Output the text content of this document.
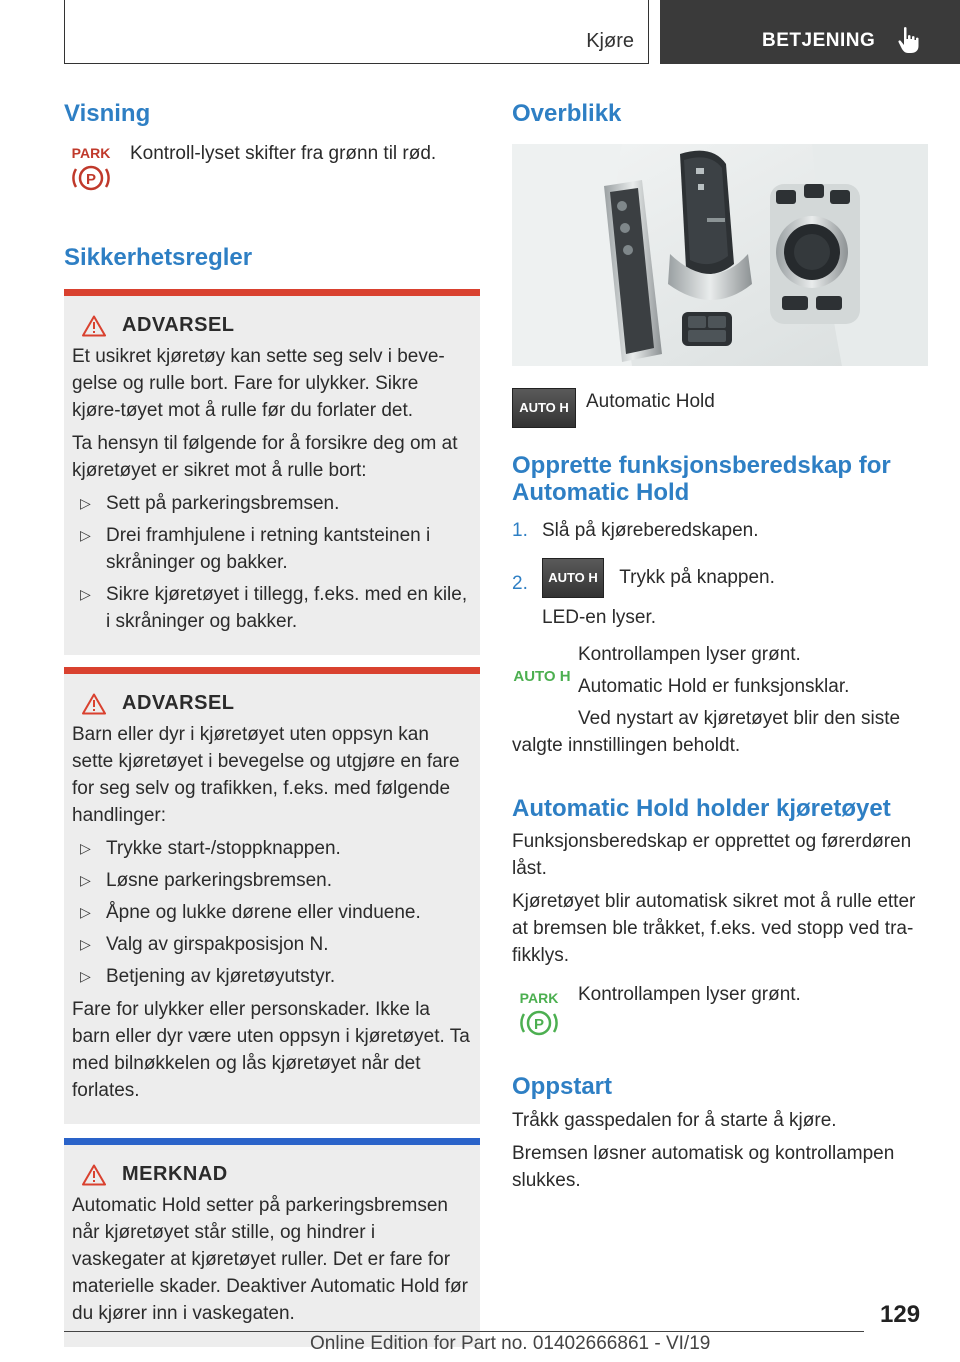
Kjøre	BETJENING
Visning
PARK
P

Kontroll-lyset skifter fra grønn til rød.

Sikkerhetsregler
ADVARSEL

Et usikret kjøretøy kan sette seg selv i beve-gelse og rulle bort. Fare for ulykker. Sikre kjøre-tøyet mot å rulle før du forlater det.

Ta hensyn til følgende for å forsikre deg om at kjøretøyet er sikret mot å rulle bort:

▷ Sett på parkeringsbremsen.
▷ Drei framhjulene i retning kantsteinen i skråninger og bakker.
▷ Sikre kjøretøyet i tillegg, f.eks. med en kile, i skråninger og bakker.
ADVARSEL

Barn eller dyr i kjøretøyet uten oppsyn kan sette kjøretøyet i bevegelse og utgjøre en fare for seg selv og trafikken, f.eks. med følgende handlinger:

▷ Trykke start-/stoppknappen.
▷ Løsne parkeringsbremsen.
▷ Åpne og lukke dørene eller vinduene.
▷ Valg av girspakposisjon N.
▷ Betjening av kjøretøyutstyr.

Fare for ulykker eller personskader. Ikke la barn eller dyr være uten oppsyn i kjøretøyet. Ta med bilnøkkelen og lås kjøretøyet når det forlates.

MERKNAD

Automatic Hold setter på parkeringsbremsen når kjøretøyet står stille, og hindrer i vaskegater at kjøretøyet ruller. Det er fare for materielle skader. Deaktiver Automatic Hold før du kjører inn i vaskegaten.

Overblikk
AUTO H Automatic Hold

Opprette funksjonsberedskap for Automatic Hold
1. Slå på kjøreberedskapen.
2. AUTO H Trykk på knappen.

LED-en lyser.

AUTO H

Kontrollampen lyser grønt.

Automatic Hold er funksjonsklar.

Ved nystart av kjøretøyet blir den siste valgte innstillingen beholdt.

Automatic Hold holder kjøretøyet

Funksjonsberedskap er opprettet og førerdøren låst.

Kjøretøyet blir automatisk sikret mot å rulle etter at bremsen ble tråkket, f.eks. ved stopp ved tra-fikklys.

PARK
P

Kontrollampen lyser grønt.

Oppstart

Tråkk gasspedalen for å starte å kjøre.

Bremsen løsner automatisk og kontrollampen slukkes.

129
Online Edition for Part no. 01402666861 - VI/19
